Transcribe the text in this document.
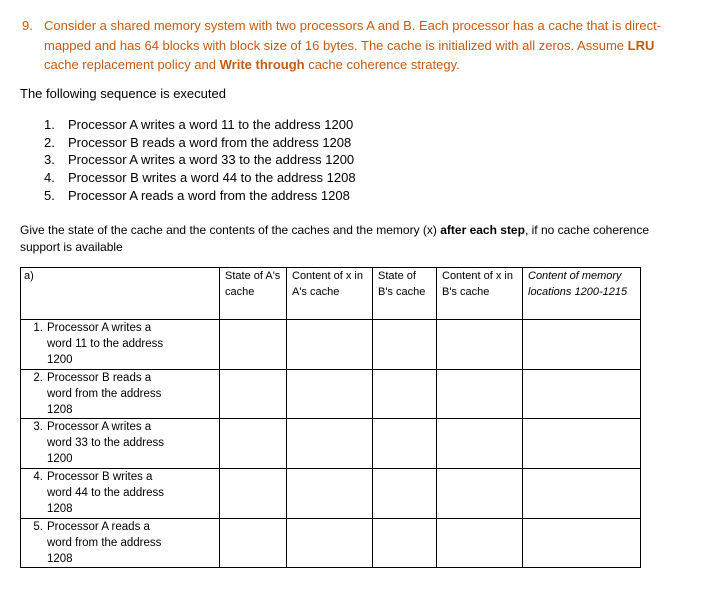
9. Consider a shared memory system with two processors A and B. Each processor has a cache that is direct-mapped and has 64 blocks with block size of 16 bytes. The cache is initialized with all zeros. Assume LRU cache replacement policy and Write through cache coherence strategy.
The following sequence is executed
1. Processor A writes a word 11 to the address 1200
2. Processor B reads a word from the address 1208
3. Processor A writes a word 33 to the address 1200
4. Processor B writes a word 44 to the address 1208
5. Processor A reads a word from the address 1208
Give the state of the cache and the contents of the caches and the memory (x) after each step, if no cache coherence support is available
a)	State of A's cache	Content of x in A's cache	State of B's cache	Content of x in B's cache	Content of memory locations 1200-1215
1. Processor A writes a word 11 to the address 1200					
2. Processor B reads a word from the address 1208					
3. Processor A writes a word 33 to the address 1200					
4. Processor B writes a word 44 to the address 1208					
5. Processor A reads a word from the address 1208					
